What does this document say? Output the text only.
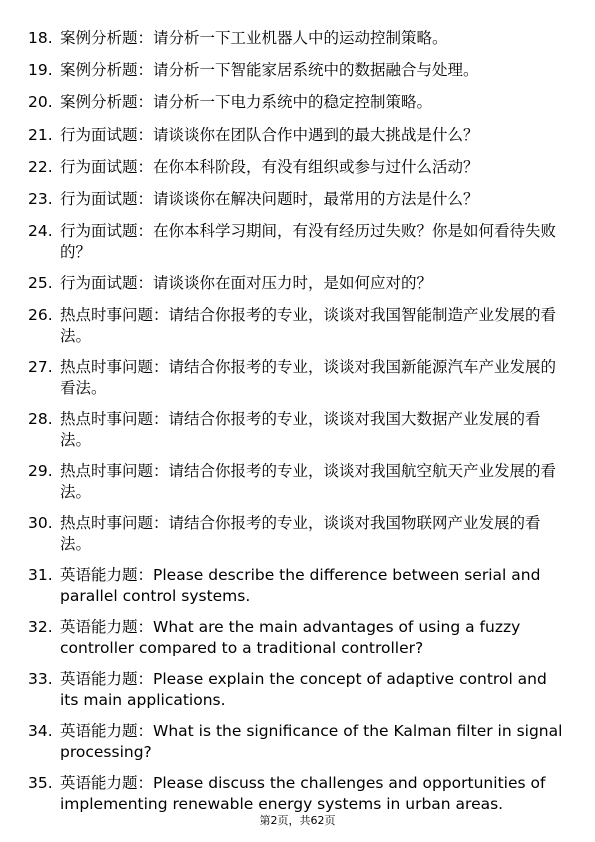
18. 案例分析题：请分析一下工业机器人中的运动控制策略。
19. 案例分析题：请分析一下智能家居系统中的数据融合与处理。
20. 案例分析题：请分析一下电力系统中的稳定控制策略。
21. 行为面试题：请谈谈你在团队合作中遇到的最大挑战是什么？
22. 行为面试题：在你本科阶段，有没有组织或参与过什么活动？
23. 行为面试题：请谈谈你在解决问题时，最常用的方法是什么？
24. 行为面试题：在你本科学习期间，有没有经历过失败？你是如何看待失败的？
25. 行为面试题：请谈谈你在面对压力时，是如何应对的？
26. 热点时事问题：请结合你报考的专业，谈谈对我国智能制造产业发展的看法。
27. 热点时事问题：请结合你报考的专业，谈谈对我国新能源汽车产业发展的看法。
28. 热点时事问题：请结合你报考的专业，谈谈对我国大数据产业发展的看法。
29. 热点时事问题：请结合你报考的专业，谈谈对我国航空航天产业发展的看法。
30. 热点时事问题：请结合你报考的专业，谈谈对我国物联网产业发展的看法。
31. 英语能力题：Please describe the difference between serial and parallel control systems.
32. 英语能力题：What are the main advantages of using a fuzzy controller compared to a traditional controller?
33. 英语能力题：Please explain the concept of adaptive control and its main applications.
34. 英语能力题：What is the significance of the Kalman filter in signal processing?
35. 英语能力题：Please discuss the challenges and opportunities of implementing renewable energy systems in urban areas.
第2页，共62页
